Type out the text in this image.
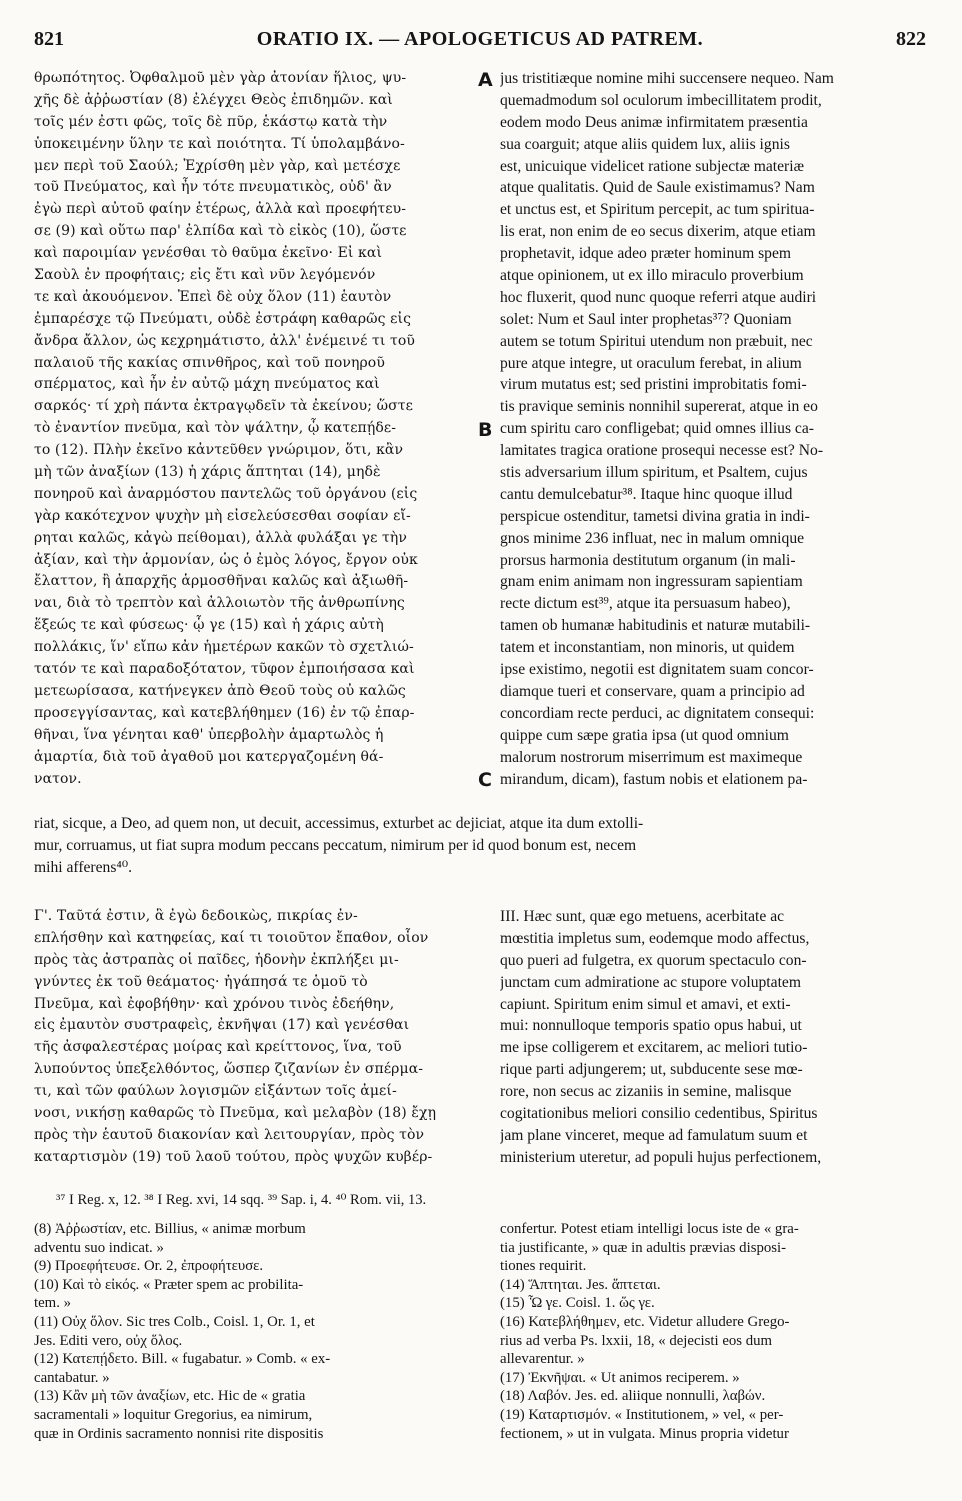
821	ORATIO IX. — APOLOGETICUS AD PATREM.	822
θρωπότητος. Ὀφθαλμοῦ μὲν γὰρ ἀτονίαν ἥλιος, ψυ-
χῆς δὲ ἀῤῥωστίαν (8) ἐλέγχει Θεὸς ἐπιδημῶν. καὶ
τοῖς μέν ἐστι φῶς, τοῖς δὲ πῦρ, ἑκάστῳ κατὰ τὴν
ὑποκειμένην ὕλην τε καὶ ποιότητα. Τί ὑπολαμβάνο-
μεν περὶ τοῦ Σαούλ; Ἐχρίσθη μὲν γὰρ, καὶ μετέσχε
τοῦ Πνεύματος, καὶ ἦν τότε πνευματικὸς, οὐδ' ἂν
ἐγὼ περὶ αὐτοῦ φαίην ἑτέρως, ἀλλὰ καὶ προεφήτευ-
σε (9) καὶ οὕτω παρ' ἐλπίδα καὶ τὸ εἰκὸς (10), ὥστε
καὶ παροιμίαν γενέσθαι τὸ θαῦμα ἐκεῖνο· Εἰ καὶ
Σαοὺλ ἐν προφήταις; εἰς ἔτι καὶ νῦν λεγόμενόν
τε καὶ ἀκουόμενον. Ἐπεὶ δὲ οὐχ ὅλον (11) ἑαυτὸν
ἐμπαρέσχε τῷ Πνεύματι, οὐδὲ ἐστράφη καθαρῶς εἰς
ἄνδρα ἄλλον, ὡς κεχρημάτιστο, ἀλλ' ἐνέμεινέ τι τοῦ
παλαιοῦ τῆς κακίας σπινθῆρος, καὶ τοῦ πονηροῦ
σπέρματος, καὶ ἦν ἐν αὐτῷ μάχη πνεύματος καὶ
σαρκός· τί χρὴ πάντα ἐκτραγῳδεῖν τὰ ἐκείνου; ὥστε
τὸ ἐναντίον πνεῦμα, καὶ τὸν ψάλτην, ᾧ κατεπῄδε-
το (12). Πλὴν ἐκεῖνο κἀντεῦθεν γνώριμον, ὅτι, κἂν
μὴ τῶν ἀναξίων (13) ἡ χάρις ἅπτηται (14), μηδὲ
πονηροῦ καὶ ἀναρμόστου παντελῶς τοῦ ὀργάνου (εἰς
γὰρ κακότεχνον ψυχὴν μὴ εἰσελεύσεσθαι σοφίαν εἴ-
ρηται καλῶς, κἀγὼ πείθομαι), ἀλλὰ φυλάξαι γε τὴν
ἀξίαν, καὶ τὴν ἁρμονίαν, ὡς ὁ ἐμὸς λόγος, ἔργον οὐκ
ἔλαττον, ἢ ἀπαρχῆς ἁρμοσθῆναι καλῶς καὶ ἀξιωθῆ-
ναι, διὰ τὸ τρεπτὸν καὶ ἀλλοιωτὸν τῆς ἀνθρωπίνης
ἕξεώς τε καὶ φύσεως· ᾧ γε (15) καὶ ἡ χάρις αὐτὴ
πολλάκις, ἵν' εἴπω κἀν ἡμετέρων κακῶν τὸ σχετλιώ-
τατόν τε καὶ παραδοξότατον, τῦφον ἐμποιήσασα καὶ
μετεωρίσασα, κατήνεγκεν ἀπὸ Θεοῦ τοὺς οὐ καλῶς
προσεγγίσαντας, καὶ κατεβλήθημεν (16) ἐν τῷ ἐπαρ-
θῆναι, ἵνα γένηται καθ' ὑπερβολὴν ἁμαρτωλὸς ἡ
ἁμαρτία, διὰ τοῦ ἀγαθοῦ μοι κατεργαζομένη θά-
νατον.
A
B
C
jus tristitiæque nomine mihi succensere nequeo. Nam
quemadmodum sol oculorum imbecillitatem prodit,
eodem modo Deus animæ infirmitatem præsentia
sua coarguit; atque aliis quidem lux, aliis ignis
est, unicuique videlicet ratione subjectæ materiæ
atque qualitatis. Quid de Saule existimamus? Nam
et unctus est, et Spiritum percepit, ac tum spiritua-
lis erat, non enim de eo secus dixerim, atque etiam
prophetavit, idque adeo præter hominum spem
atque opinionem, ut ex illo miraculo proverbium
hoc fluxerit, quod nunc quoque referri atque audiri
solet: Num et Saul inter prophetas³⁷? Quoniam
autem se totum Spiritui utendum non præbuit, nec
pure atque integre, ut oraculum ferebat, in alium
virum mutatus est; sed pristini improbitatis fomi-
tis pravique seminis nonnihil supererat, atque in eo
cum spiritu caro confligebat; quid omnes illius ca-
lamitates tragica oratione prosequi necesse est? No-
stis adversarium illum spiritum, et Psaltem, cujus
cantu demulcebatur³⁸. Itaque hinc quoque illud
perspicue ostenditur, tametsi divina gratia in indi-
gnos minime 236 influat, nec in malum omnique
prorsus harmonia destitutum organum (in mali-
gnam enim animam non ingressuram sapientiam
recte dictum est³⁹, atque ita persuasum habeo),
tamen ob humanæ habitudinis et naturæ mutabili-
tatem et inconstantiam, non minoris, ut quidem
ipse existimo, negotii est dignitatem suam concor-
diamque tueri et conservare, quam a principio ad
concordiam recte perduci, ac dignitatem consequi:
quippe cum sæpe gratia ipsa (ut quod omnium
malorum nostrorum miserrimum est maximeque
mirandum, dicam), fastum nobis et elationem pa-
riat, sicque, a Deo, ad quem non, ut decuit, accessimus, exturbet ac dejiciat, atque ita dum extolli-
mur, corruamus, ut fiat supra modum peccans peccatum, nimirum per id quod bonum est, necem
mihi afferens⁴⁰.
Γ'. Ταῦτά ἐστιν, ἃ ἐγὼ δεδοικὼς, πικρίας ἐν-
επλήσθην καὶ κατηφείας, καί τι τοιοῦτον ἔπαθον, οἷον
πρὸς τὰς ἀστραπὰς οἱ παῖδες, ἡδονὴν ἐκπλήξει μι-
γνύντες ἐκ τοῦ θεάματος· ἠγάπησά τε ὁμοῦ τὸ
Πνεῦμα, καὶ ἐφοβήθην· καὶ χρόνου τινὸς ἐδεήθην,
εἰς ἐμαυτὸν συστραφεὶς, ἐκνῆψαι (17) καὶ γενέσθαι
τῆς ἀσφαλεστέρας μοίρας καὶ κρείττονος, ἵνα, τοῦ
λυπούντος ὑπεξελθόντος, ὥσπερ ζιζανίων ἐν σπέρμα-
τι, καὶ τῶν φαύλων λογισμῶν εἰξάντων τοῖς ἀμεί-
νοσι, νικήσῃ καθαρῶς τὸ Πνεῦμα, καὶ μελαβὸν (18) ἔχῃ
πρὸς τὴν ἑαυτοῦ διακονίαν καὶ λειτουργίαν, πρὸς τὸν
καταρτισμὸν (19) τοῦ λαοῦ τούτου, πρὸς ψυχῶν κυβέρ-
III. Hæc sunt, quæ ego metuens, acerbitate ac
mœstitia impletus sum, eodemque modo affectus,
quo pueri ad fulgetra, ex quorum spectaculo con-
junctam cum admiratione ac stupore voluptatem
capiunt. Spiritum enim simul et amavi, et exti-
mui: nonnulloque temporis spatio opus habui, ut
me ipse colligerem et excitarem, ac meliori tutio-
rique parti adjungerem; ut, subducente sese mœ-
rore, non secus ac zizaniis in semine, malisque
cogitationibus meliori consilio cedentibus, Spiritus
jam plane vinceret, meque ad famulatum suum et
ministerium uteretur, ad populi hujus perfectionem,
³⁷ I Reg. x, 12. ³⁸ I Reg. xvi, 14 sqq. ³⁹ Sap. i, 4. ⁴⁰ Rom. vii, 13.

(8) Ἀῤῥωστίαν, etc. Billius, « animæ morbum

adventu suo indicat. »

(9) Προεφήτευσε. Or. 2, ἐπροφήτευσε.

(10) Καὶ τὸ εἰκός. « Præter spem ac probilita-

tem. »

(11) Οὐχ ὅλον. Sic tres Colb., Coisl. 1, Or. 1, et

Jes. Editi vero, οὐχ ὅλος.

(12) Κατεπῄδετο. Bill. « fugabatur. » Comb. « ex-

cantabatur. »

(13) Κἂν μὴ τῶν ἀναξίων, etc. Hic de « gratia

sacramentali » loquitur Gregorius, ea nimirum,

quæ in Ordinis sacramento nonnisi rite dispositis

confertur. Potest etiam intelligi locus iste de « gra-

tia justificante, » quæ in adultis prævias disposi-

tiones requirit.

(14) Ἅπτηται. Jes. ἅπτεται.

(15) Ὧ γε. Coisl. 1. ὥς γε.

(16) Κατεβλήθημεν, etc. Videtur alludere Grego-

rius ad verba Ps. lxxii, 18, « dejecisti eos dum

allevarentur. »

(17) Ἐκνῆψαι. « Ut animos reciperem. »

(18) Λαβόν. Jes. ed. aliique nonnulli, λαβών.

(19) Καταρτισμόν. « Institutionem, » vel, « per-

fectionem, » ut in vulgata. Minus propria videtur
